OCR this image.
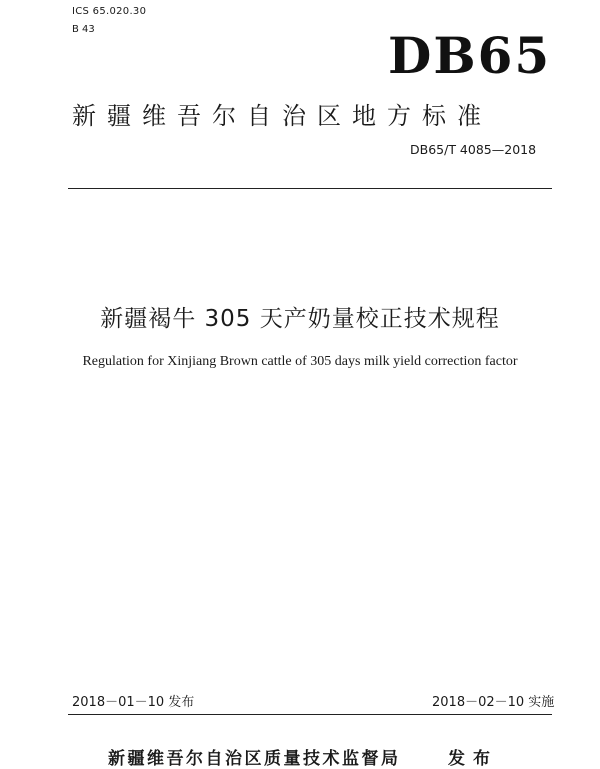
ICS 65.020.30
B 43	DB65
新疆维吾尔自治区地方标准
DB65/T 4085—2018
新疆褐牛 305 天产奶量校正技术规程
Regulation for Xinjiang Brown cattle of 305 days milk yield correction factor
2018－01－10 发布	2018－02－10 实施
新疆维吾尔自治区质量技术监督局	发布
